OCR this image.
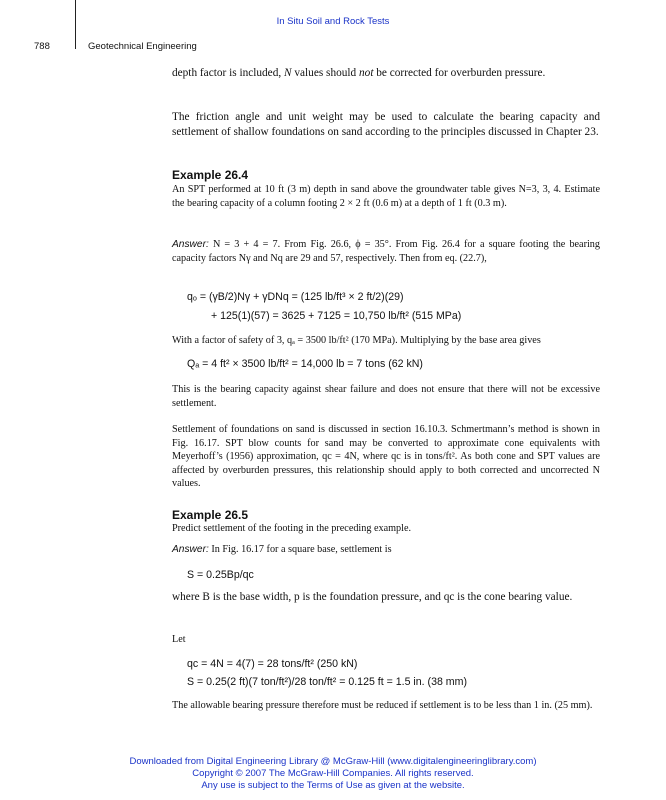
In Situ Soil and Rock Tests
788	Geotechnical Engineering

depth factor is included, N values should not be corrected for overburden pressure.

The friction angle and unit weight may be used to calculate the bearing capacity and settlement of shallow foundations on sand according to the principles discussed in Chapter 23.

Example 26.4

An SPT performed at 10 ft (3 m) depth in sand above the groundwater table gives N=3, 3, 4. Estimate the bearing capacity of a column footing 2 × 2 ft (0.6 m) at a depth of 1 ft (0.3 m).

Answer: N = 3 + 4 = 7. From Fig. 26.6, ϕ = 35°. From Fig. 26.4 for a square footing the bearing capacity factors Nγ and Nq are 29 and 57, respectively. Then from eq. (22.7),

qₒ = (γB/2)Nγ + γDNq = (125 lb/ft³ × 2 ft/2)(29)
+ 125(1)(57) = 3625 + 7125 = 10,750 lb/ft² (515 MPa)

With a factor of safety of 3, qₐ = 3500 lb/ft² (170 MPa). Multiplying by the base area gives

Qₐ = 4 ft² × 3500 lb/ft² = 14,000 lb = 7 tons (62 kN)

This is the bearing capacity against shear failure and does not ensure that there will not be excessive settlement.

Settlement of foundations on sand is discussed in section 16.10.3. Schmertmann’s method is shown in Fig. 16.17. SPT blow counts for sand may be converted to approximate cone equivalents with Meyerhoff’s (1956) approximation, qc = 4N, where qc is in tons/ft². As both cone and SPT values are affected by overburden pressures, this relationship should apply to both corrected and uncorrected N values.

Example 26.5

Predict settlement of the footing in the preceding example.

Answer: In Fig. 16.17 for a square base, settlement is

S = 0.25Bp/qc

where B is the base width, p is the foundation pressure, and qc is the cone bearing value.

Let

qc = 4N = 4(7) = 28 tons/ft² (250 kN)
S = 0.25(2 ft)(7 ton/ft²)/28 ton/ft² = 0.125 ft = 1.5 in. (38 mm)

The allowable bearing pressure therefore must be reduced if settlement is to be less than 1 in. (25 mm).

Downloaded from Digital Engineering Library @ McGraw-Hill (www.digitalengineeringlibrary.com)
Copyright © 2007 The McGraw-Hill Companies. All rights reserved.
Any use is subject to the Terms of Use as given at the website.
